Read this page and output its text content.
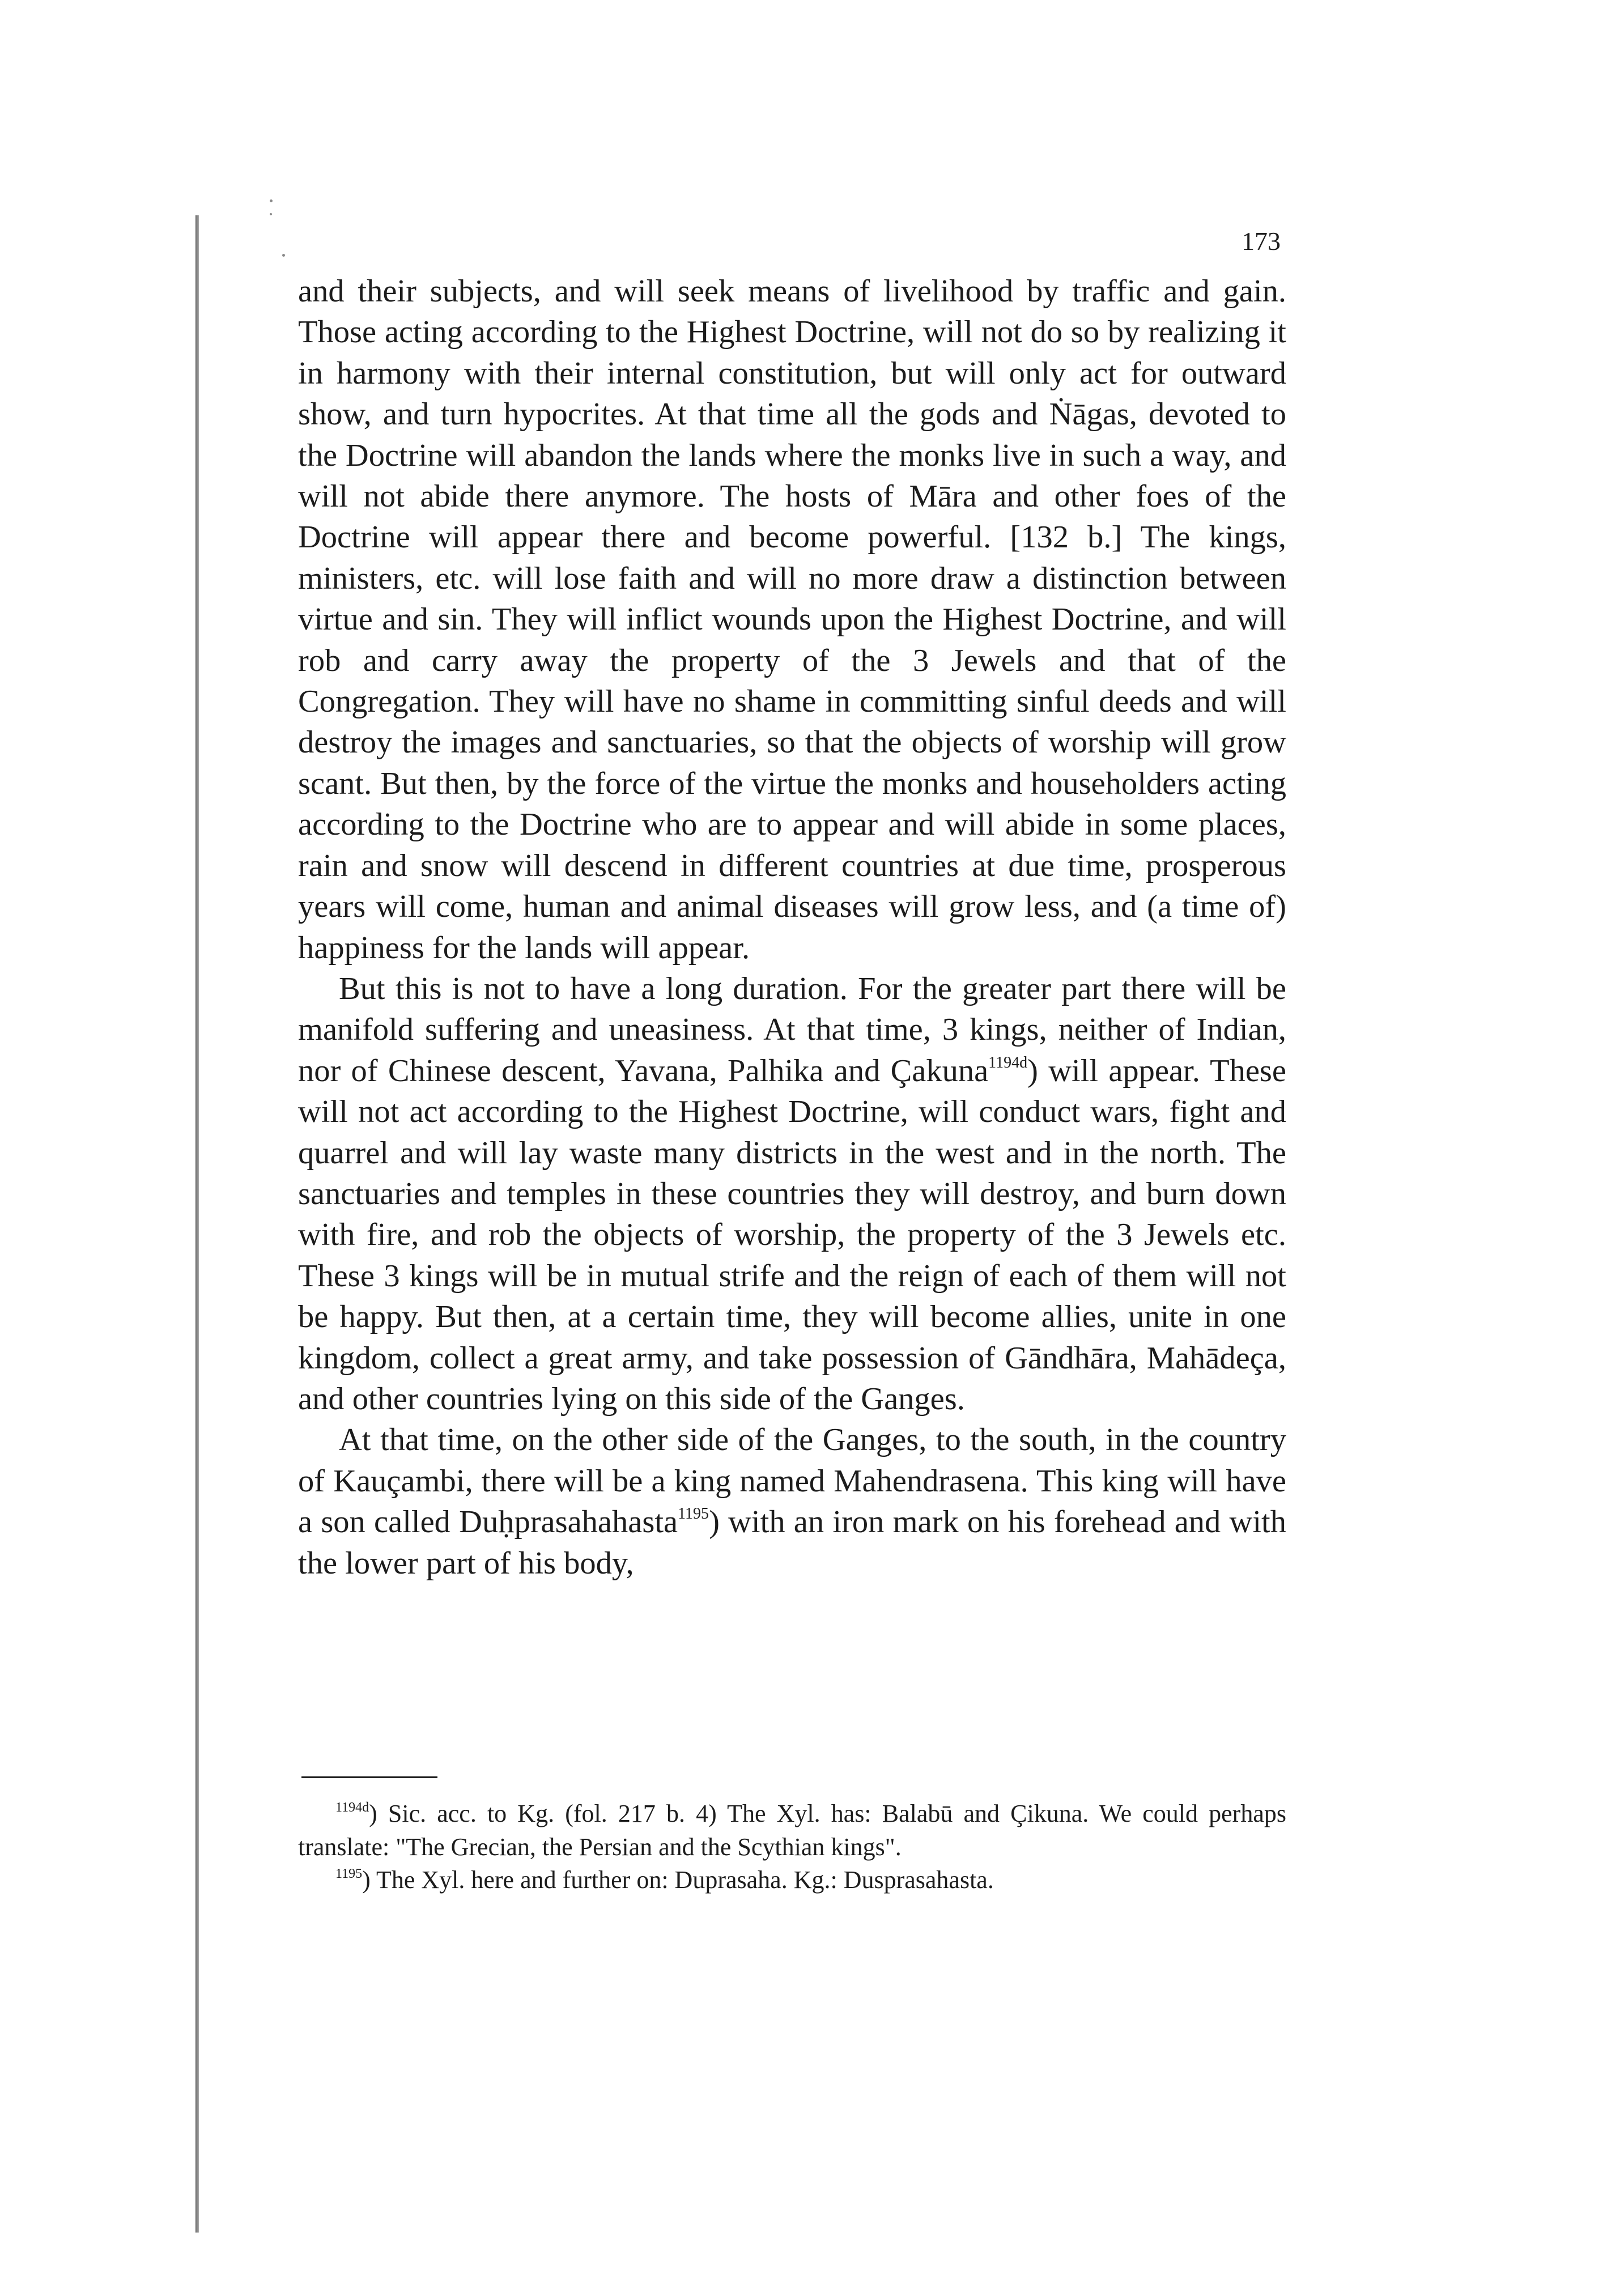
173

and their subjects, and will seek means of livelihood by traffic and gain. Those acting according to the Highest Doctrine, will not do so by realizing it in harmony with their internal constitution, but will only act for outward show, and turn hypocrites. At that time all the gods and Ṅāgas, devoted to the Doctrine will abandon the lands where the monks live in such a way, and will not abide there anymore. The hosts of Māra and other foes of the Doctrine will appear there and become powerful. [132 b.] The kings, ministers, etc. will lose faith and will no more draw a distinction between virtue and sin. They will inflict wounds upon the Highest Doctrine, and will rob and carry away the property of the 3 Jewels and that of the Congregation. They will have no shame in committing sinful deeds and will destroy the images and sanctuaries, so that the objects of worship will grow scant. But then, by the force of the virtue the monks and householders acting according to the Doctrine who are to appear and will abide in some places, rain and snow will descend in different countries at due time, prosperous years will come, human and animal diseases will grow less, and (a time of) happiness for the lands will appear.

But this is not to have a long duration. For the greater part there will be manifold suffering and uneasiness. At that time, 3 kings, neither of Indian, nor of Chinese descent, Yavana, Palhika and Çakuna$^{1194d}$) will appear. These will not act according to the Highest Doctrine, will conduct wars, fight and quarrel and will lay waste many districts in the west and in the north. The sanctuaries and temples in these countries they will destroy, and burn down with fire, and rob the objects of worship, the property of the 3 Jewels etc. These 3 kings will be in mutual strife and the reign of each of them will not be happy. But then, at a certain time, they will become allies, unite in one kingdom, collect a great army, and take possession of Gāndhāra, Mahādeça, and other countries lying on this side of the Ganges.

At that time, on the other side of the Ganges, to the south, in the country of Kauçambi, there will be a king named Mahendrasena. This king will have a son called Duḥprasahahasta$^{1195}$) with an iron mark on his forehead and with the lower part of his body,

$^{1194d}$) Sic. acc. to Kg. (fol. 217 b. 4) The Xyl. has: Balabū and Çikuna. We could perhaps translate: "The Grecian, the Persian and the Scythian kings".

$^{1195}$) The Xyl. here and further on: Duprasaha. Kg.: Dusprasahasta.
